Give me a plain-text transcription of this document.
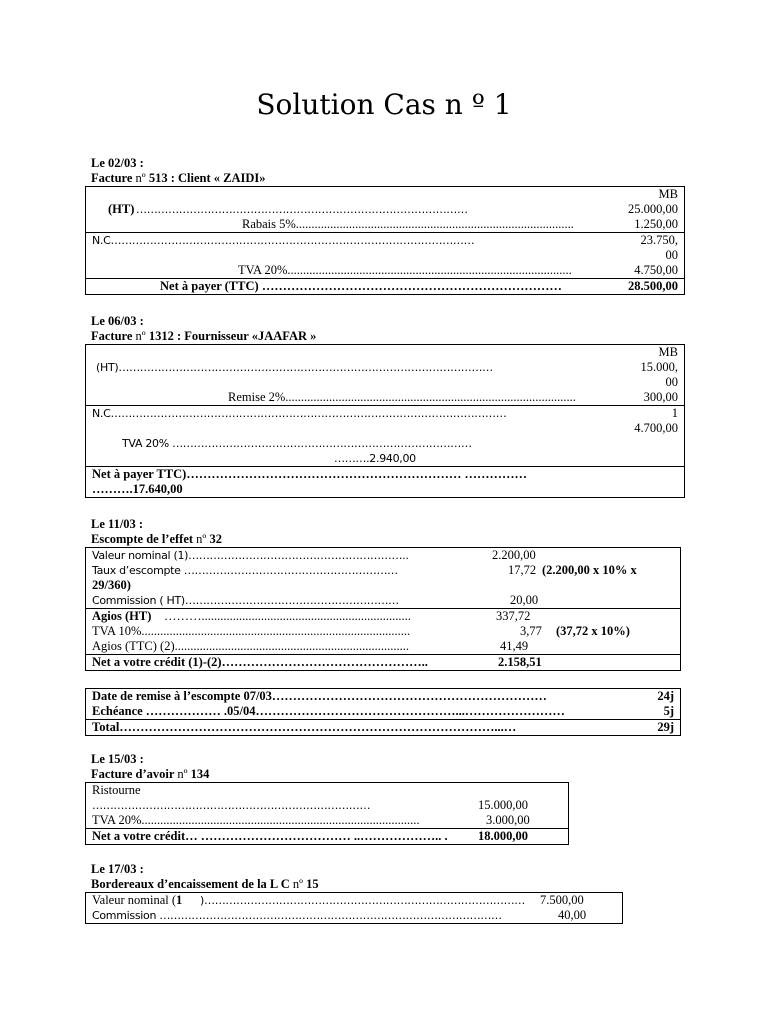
Solution Cas n º 1
Le 02/03 :
Facture nº 513 : Client « ZAIDI»
MB
(HT) …………………………………………………………………………………	25.000,00

Rabais 5%.........................................................................................	1.250,00

N.C…………………………………………………………………………………………	23.750,

00
TVA 20%...........................................................................................	4.750,00

Net à payer (TTC) ………………………………………………………………	28.500,00

Le 06/03 :
Facture nº 1312 : Fournisseur «JAAFAR »
MB
(HT)……………………………………………………………………………………………	15.000,

00
Remise 2%.............................................................................................	300,00

N.C…………………………………………………………………………………………………	1

4.700,00
TVA 20% …………………………………………………………………………

……….2.940,00

Net à payer TTC)………………………………………………………… ……………
……….17.640,00
Le 11/03 :
Escompte de l’effet nº 32
Valeur nominal (1)……………………………………………………..	2.200,00

Taux d’escompte ……………………………………………………	17,72 (2.200,00 x 10% x

29/360)
Commission ( HT)……………………………………………………	20,00

Agios (HT) ………...................................................................	337,72

TVA 10%......................................................................................	3,77 (37,72 x 10%)

Agios (TTC) (2)...........................................................................	41,49

Net a votre crédit (1)-(2)…………………………………………..	2.158,51

Date de remise à l’escompte 07/03…………………………………………………………	24j

Echéance ……………… .05/04…………………………………………...……………………	5j

Total………………………………………………………………………………...…	29j

Le 15/03 :
Facture d’avoir nº 134
Ristourne
……………………………………………………………………	15.000,00

TVA 20%.........................................................................................	3.000,00

Net a votre crédit… ……………………………… ..……………….. .	18.000,00

Le 17/03 :
Bordereaux d’encaissement de la L C nº 15
Valeur nominal (1 )………………………………………………………………………………	7.500,00

Commission ……………………………………………………………………………………	40,00
